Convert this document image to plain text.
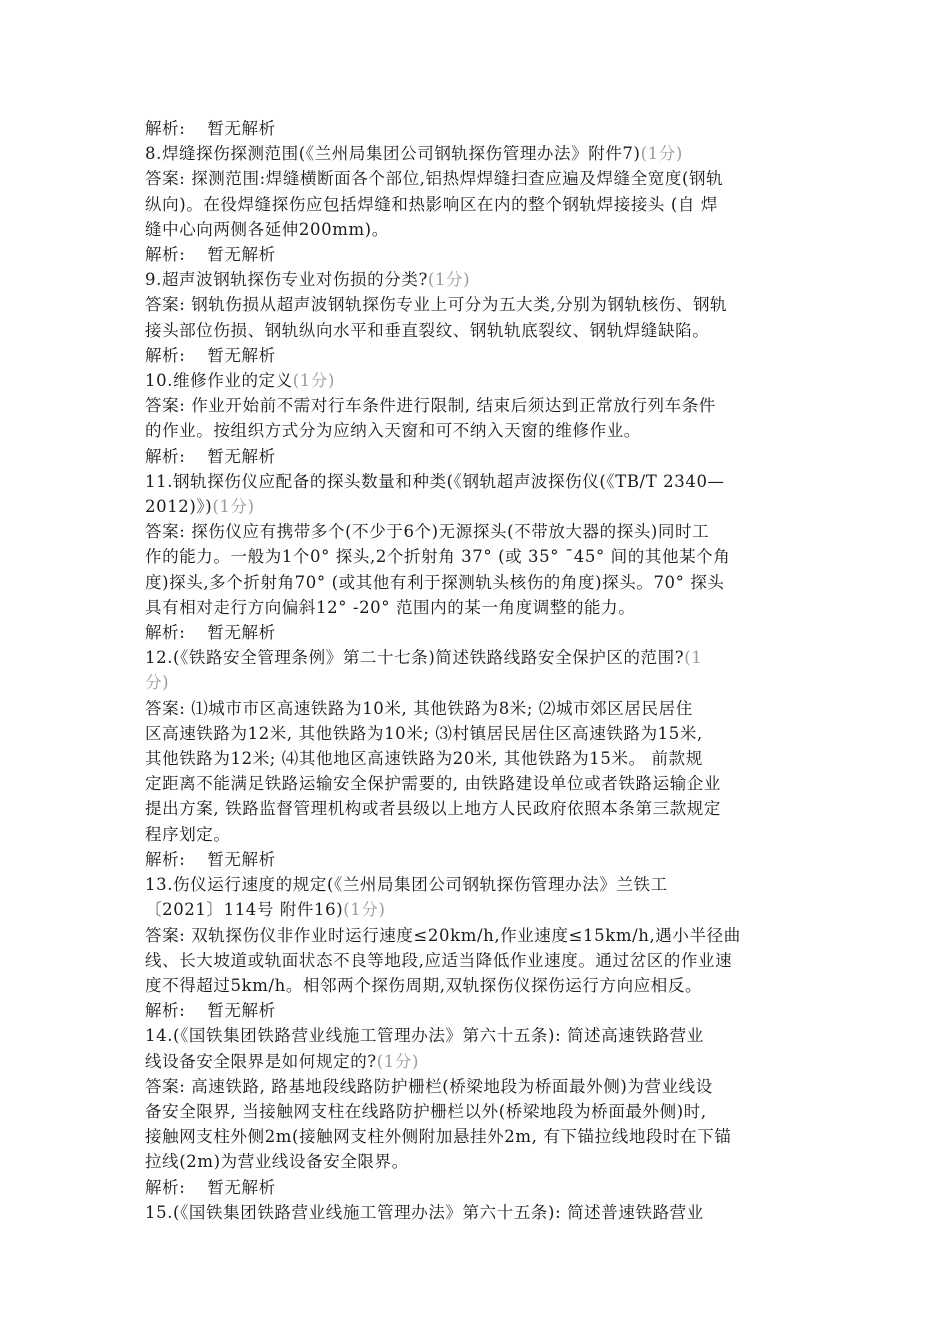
解析: 暂无解析
8.焊缝探伤探测范围(《兰州局集团公司钢轨探伤管理办法》附件7)(1分)
答案: 探测范围:焊缝横断面各个部位,铝热焊焊缝扫查应遍及焊缝全宽度(钢轨
纵向)。在役焊缝探伤应包括焊缝和热影响区在内的整个钢轨焊接接头 (自 焊
缝中心向两侧各延伸200mm)。
解析: 暂无解析
9.超声波钢轨探伤专业对伤损的分类?(1分)
答案: 钢轨伤损从超声波钢轨探伤专业上可分为五大类,分别为钢轨核伤、钢轨
接头部位伤损、钢轨纵向水平和垂直裂纹、钢轨轨底裂纹、钢轨焊缝缺陷。
解析: 暂无解析
10.维修作业的定义(1分)
答案: 作业开始前不需对行车条件进行限制, 结束后须达到正常放行列车条件
的作业。按组织方式分为应纳入天窗和可不纳入天窗的维修作业。
解析: 暂无解析
11.钢轨探伤仪应配备的探头数量和种类(《钢轨超声波探伤仪(《TB/T 2340—
2012)》)(1分)
答案: 探伤仪应有携带多个(不少于6个)无源探头(不带放大器的探头)同时工
作的能力。一般为1个0° 探头,2个折射角 37° (或 35° ¯45° 间的其他某个角
度)探头,多个折射角70° (或其他有利于探测轨头核伤的角度)探头。70° 探头
具有相对走行方向偏斜12° -20° 范围内的某一角度调整的能力。
解析: 暂无解析
12.(《铁路安全管理条例》第二十七条)简述铁路线路安全保护区的范围?(1
分)
答案: ⑴城市市区高速铁路为10米, 其他铁路为8米; ⑵城市郊区居民居住
区高速铁路为12米, 其他铁路为10米; ⑶村镇居民居住区高速铁路为15米,
其他铁路为12米; ⑷其他地区高速铁路为20米, 其他铁路为15米。 前款规
定距离不能满足铁路运输安全保护需要的, 由铁路建设单位或者铁路运输企业
提出方案, 铁路监督管理机构或者县级以上地方人民政府依照本条第三款规定
程序划定。
解析: 暂无解析
13.伤仪运行速度的规定(《兰州局集团公司钢轨探伤管理办法》兰铁工
〔2021〕114号 附件16)(1分)
答案: 双轨探伤仪非作业时运行速度≤20km/h,作业速度≤15km/h,遇小半径曲
线、长大坡道或轨面状态不良等地段,应适当降低作业速度。通过岔区的作业速
度不得超过5km/h。相邻两个探伤周期,双轨探伤仪探伤运行方向应相反。
解析: 暂无解析
14.(《国铁集团铁路营业线施工管理办法》第六十五条): 简述高速铁路营业
线设备安全限界是如何规定的?(1分)
答案: 高速铁路, 路基地段线路防护栅栏(桥梁地段为桥面最外侧)为营业线设
备安全限界, 当接触网支柱在线路防护栅栏以外(桥梁地段为桥面最外侧)时,
接触网支柱外侧2m(接触网支柱外侧附加悬挂外2m, 有下锚拉线地段时在下锚
拉线(2m)为营业线设备安全限界。
解析: 暂无解析
15.(《国铁集团铁路营业线施工管理办法》第六十五条): 简述普速铁路营业
